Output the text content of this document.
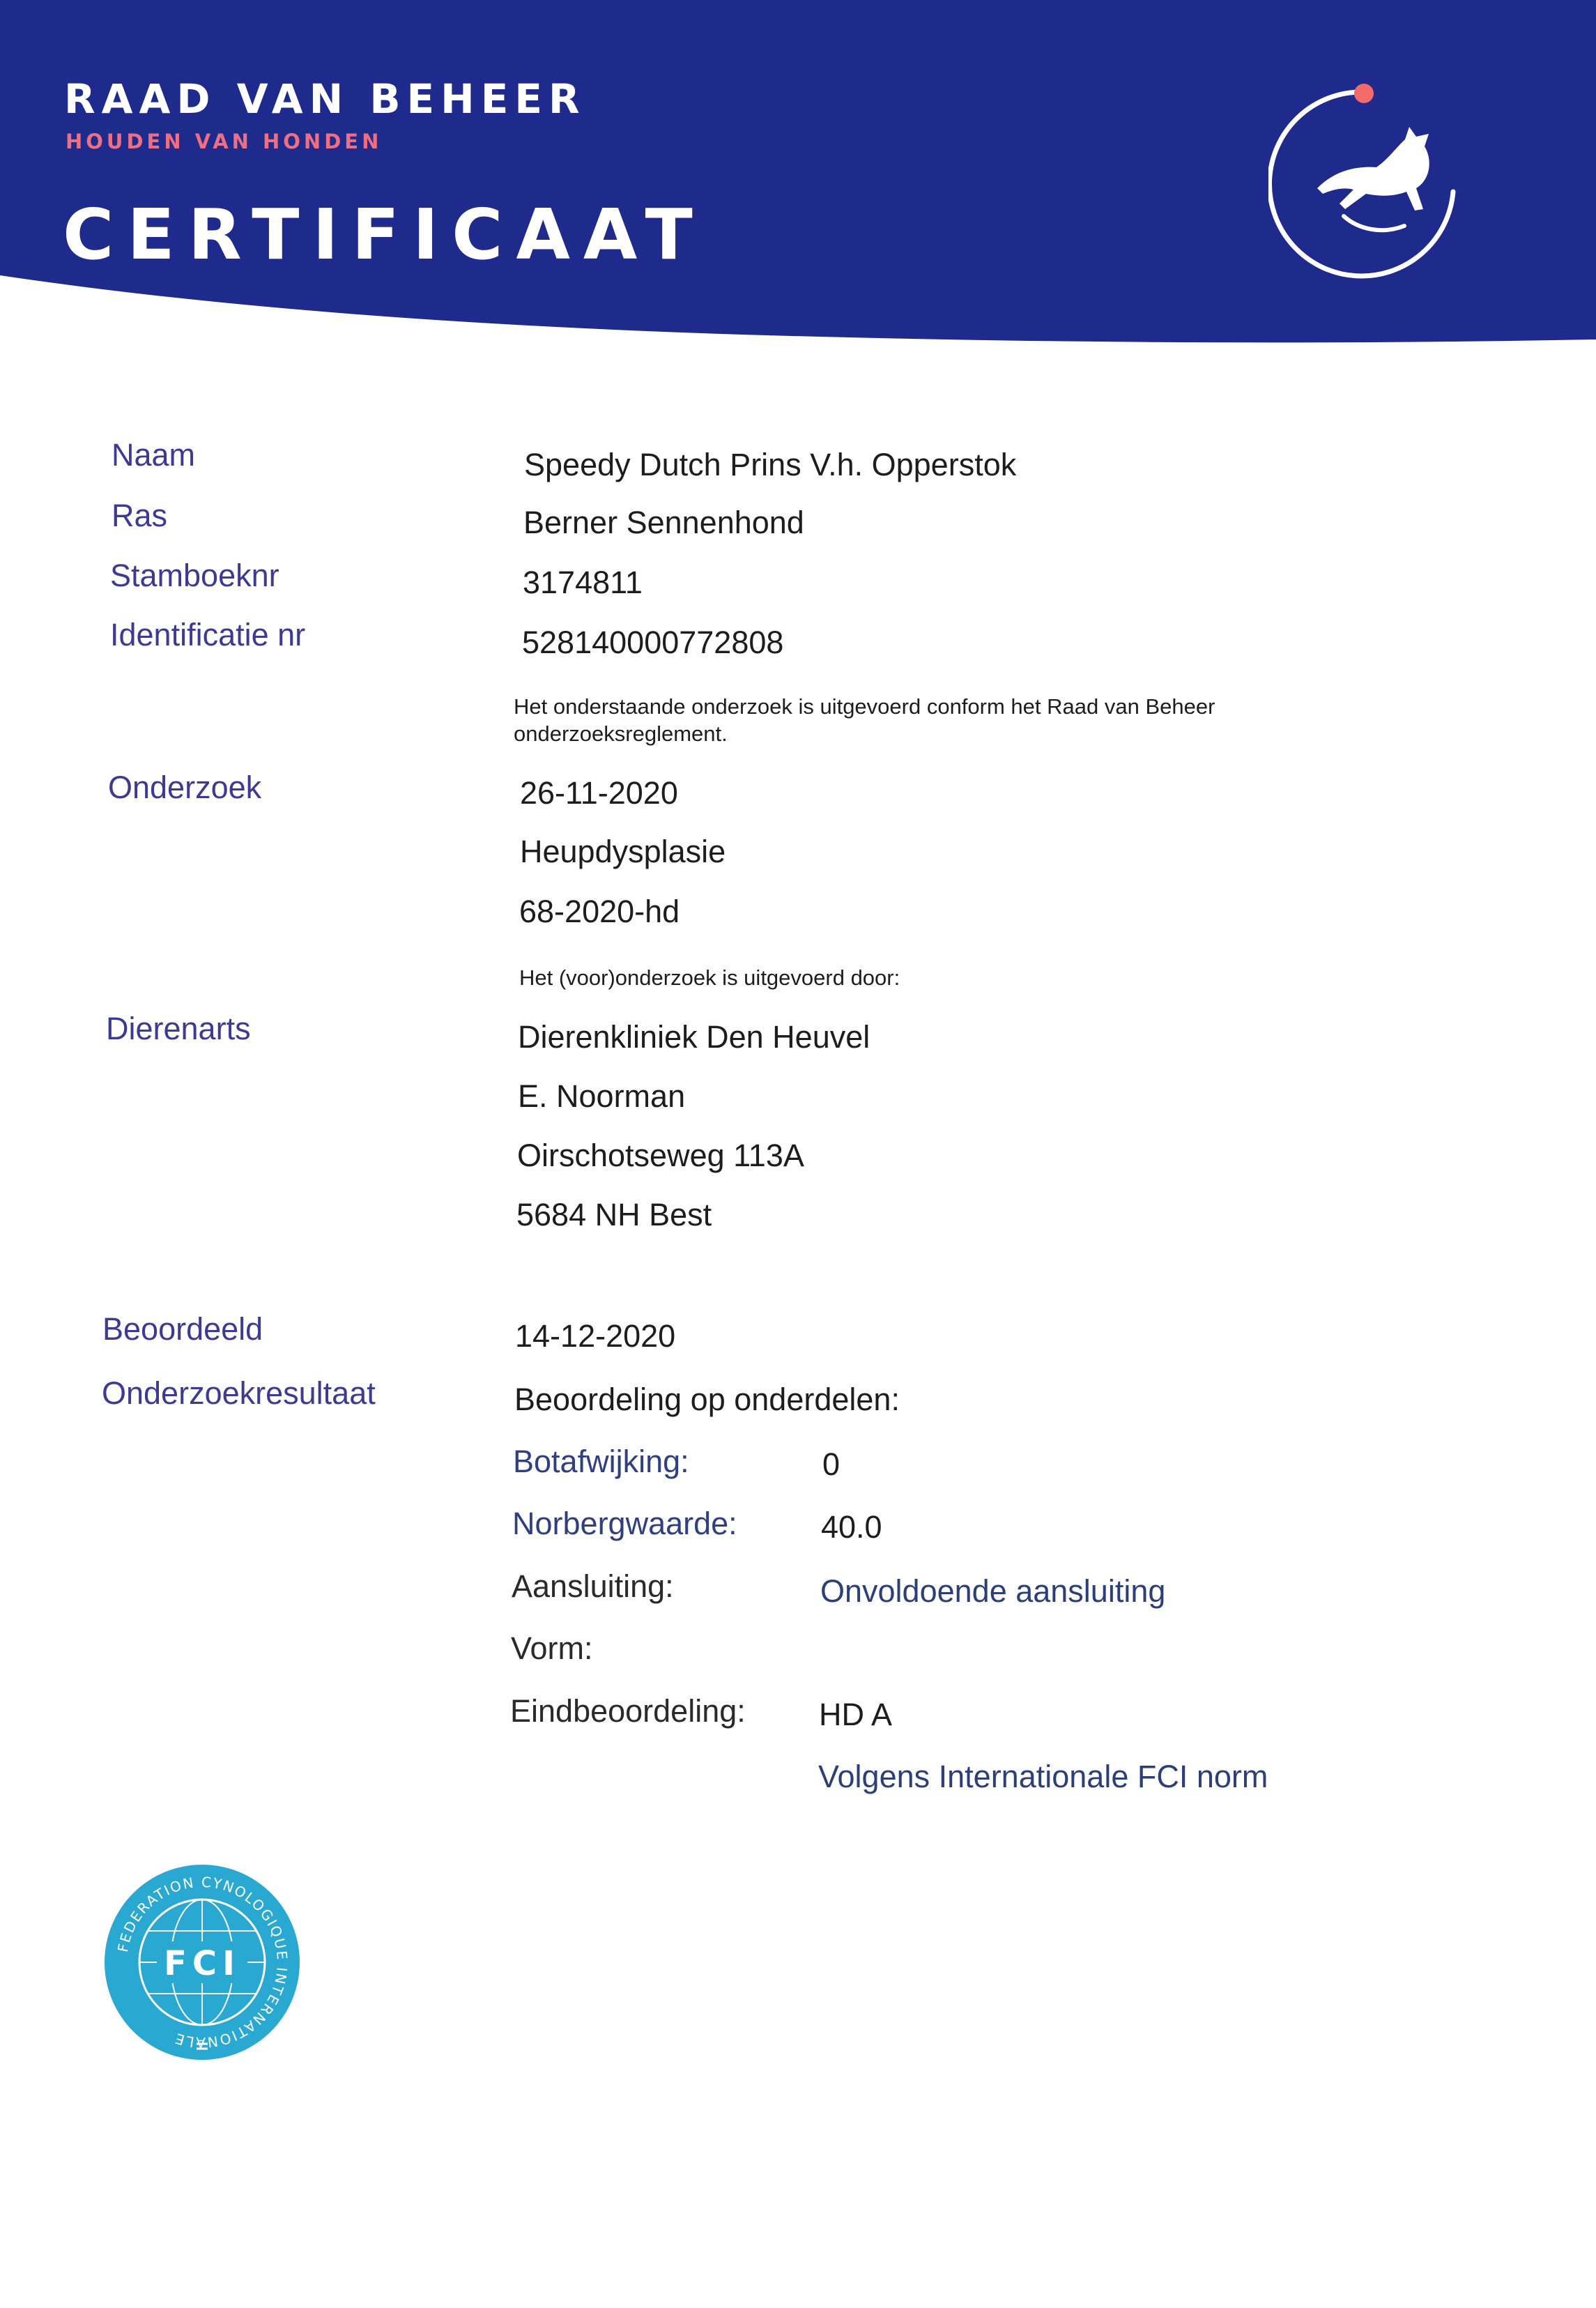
RAAD VAN BEHEER
HOUDEN VAN HONDEN
CERTIFICAAT
Naam	Speedy Dutch Prins V.h. Opperstok
Ras	Berner Sennenhond
Stamboeknr	3174811
Identificatie nr	528140000772808
Het onderstaande onderzoek is uitgevoerd conform het Raad van Beheer
onderzoeksreglement.
Onderzoek	26-11-2020
Heupdysplasie
68-2020-hd
Het (voor)onderzoek is uitgevoerd door:
Dierenarts	Dierenkliniek Den Heuvel
E. Noorman
Oirschotseweg 113A
5684 NH Best
Beoordeeld	14-12-2020
Onderzoekresultaat	Beoordeling op onderdelen:
Botafwijking:	0
Norbergwaarde:	40.0
Aansluiting:	Onvoldoende aansluiting
Vorm:
Eindbeoordeling: HD A
Volgens Internationale FCI norm
FCI
FEDERATION CYNOLOGIQUE INTERNATIONALE
